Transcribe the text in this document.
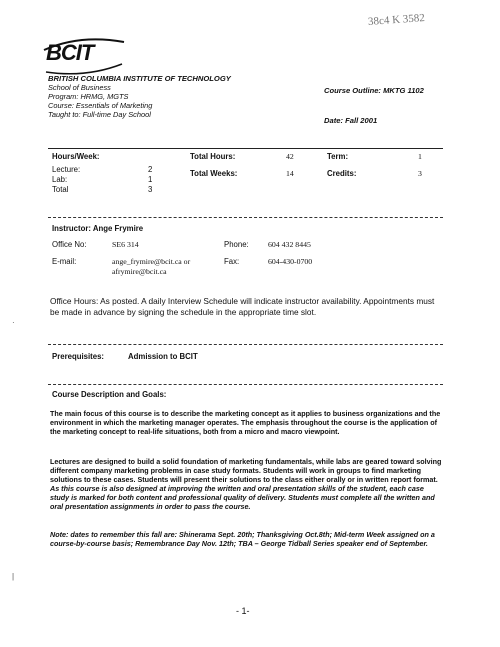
38c4 K 3582
BCIT
BRITISH COLUMBIA INSTITUTE OF TECHNOLOGY
School of Business
Program: HRMG, MGTS
Course: Essentials of Marketing
Taught to: Full-time Day School
Course Outline: MKTG 1102
Date: Fall 2001
Hours/Week:
Lecture:	2
Lab:	1
Total	3
Total Hours:	42
Total Weeks:	14
Term:	1
Credits:	3
Instructor: Ange Frymire
Office No:	SE6 314	Phone: 604 432 8445
E-mail:	ange_frymire@bcit.ca or
afrymire@bcit.ca
Fax:	604-430-0700
Office Hours: As posted. A daily Interview Schedule will indicate instructor availability. Appointments must be made in advance by signing the schedule in the appropriate time slot.
·
Prerequisites:	Admission to BCIT
Course Description and Goals:
The main focus of this course is to describe the marketing concept as it applies to business organizations and the environment in which the marketing manager operates. The emphasis throughout the course is the application of the marketing concept to real-life situations, both from a micro and macro viewpoint.
Lectures are designed to build a solid foundation of marketing fundamentals, while labs are geared toward solving different company marketing problems in case study formats. Students will work in groups to find marketing solutions to these cases. Students will present their solutions to the class either orally or in written report format. As this course is also designed at improving the written and oral presentation skills of the student, each case study is marked for both content and professional quality of delivery. Students must complete all the written and oral presentation assignments in order to pass the course.
Note: dates to remember this fall are: Shinerama Sept. 20th; Thanksgiving Oct.8th; Mid-term Week assigned on a course-by-course basis; Remembrance Day Nov. 12th; TBA – George Tidball Series speaker end of September.
|
- 1-
